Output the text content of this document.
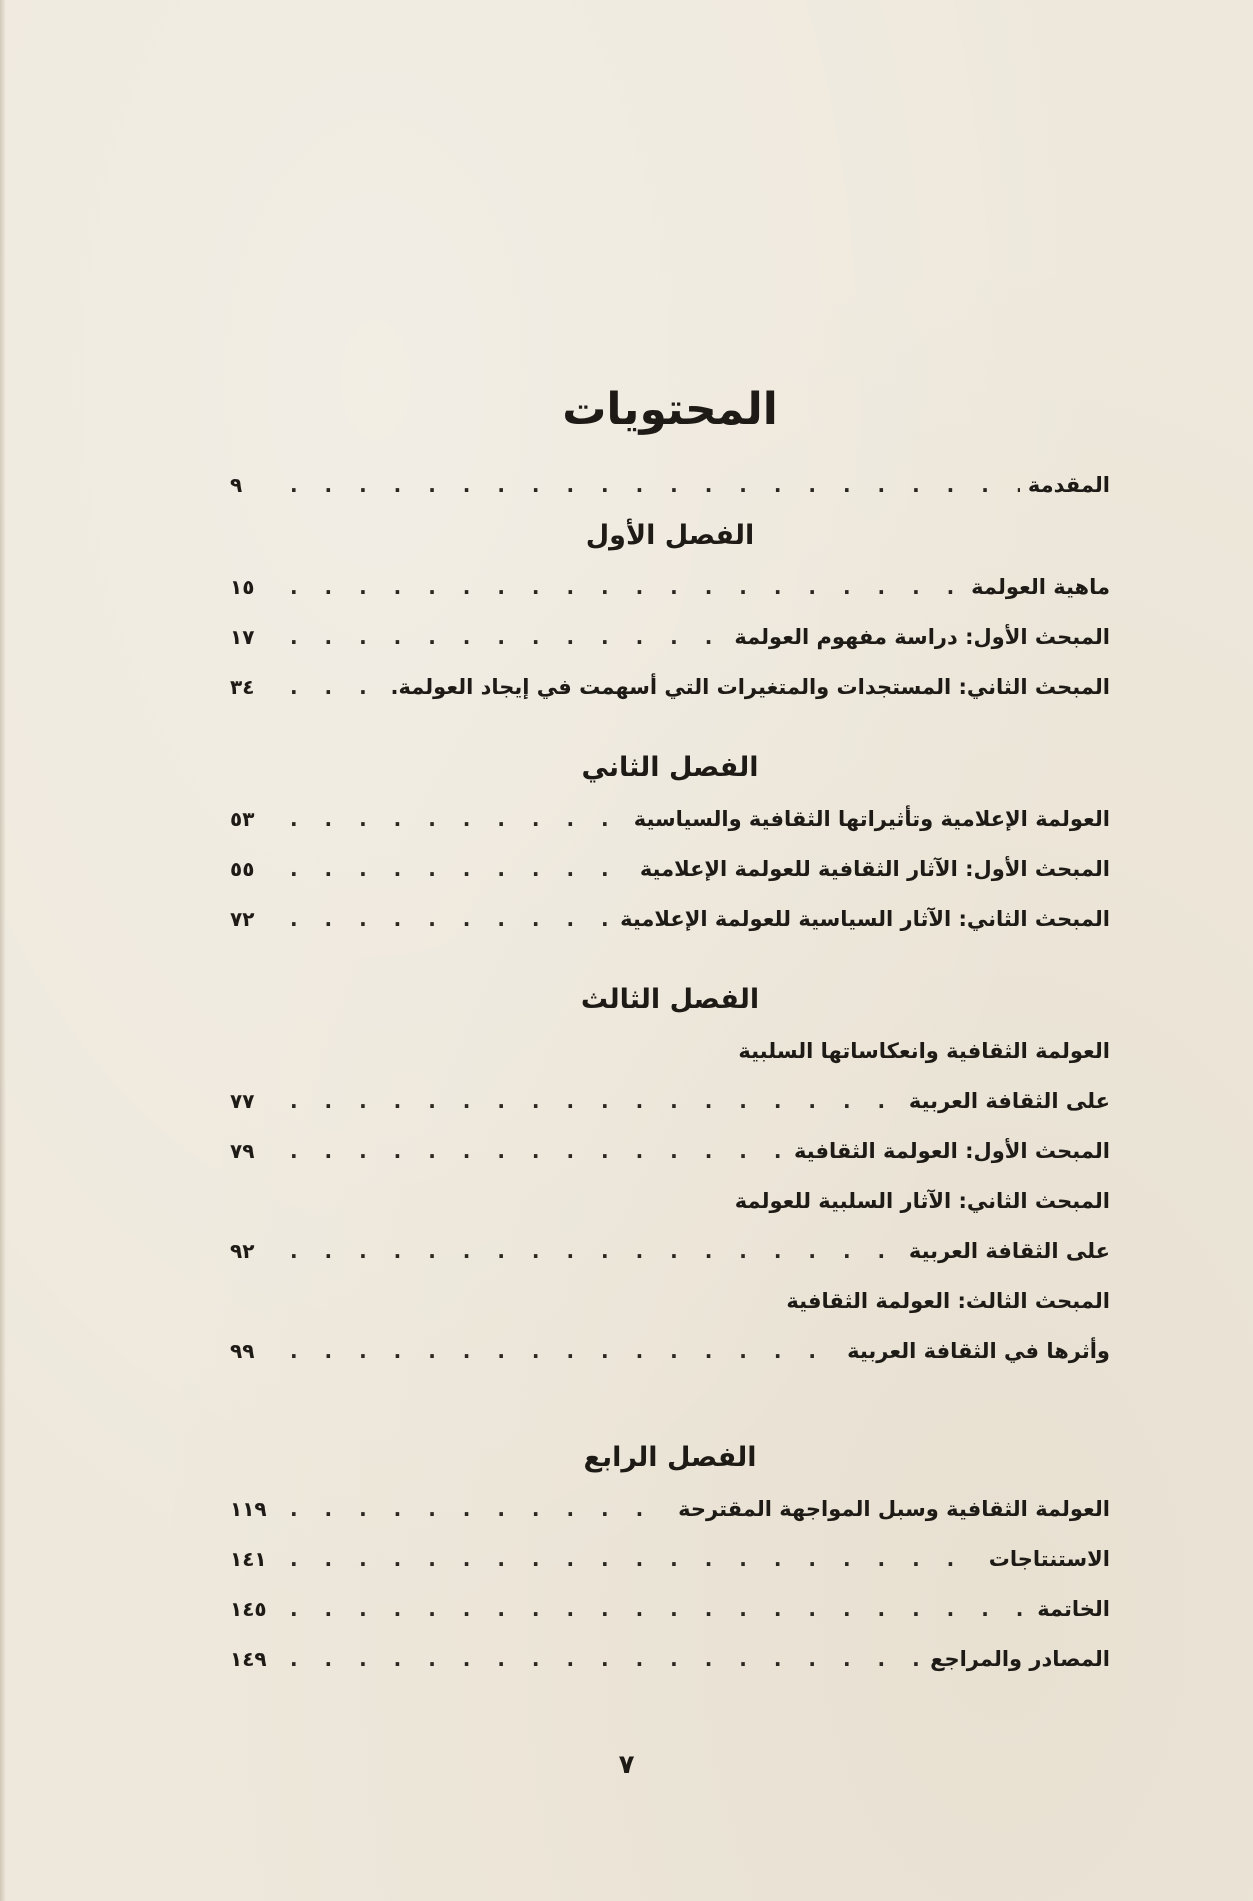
المحتويات
المقدمة
. . .
٩
الفصل الأول
ماهية العولمة
. . .
١٥
المبحث الأول: دراسة مفهوم العولمة
. . .
١٧
المبحث الثاني: المستجدات والمتغيرات التي أسهمت في إيجاد العولمة.
. . .
٣٤
الفصل الثاني
العولمة الإعلامية وتأثيراتها الثقافية والسياسية
. . .
٥٣
المبحث الأول: الآثار الثقافية للعولمة الإعلامية
. . .
٥٥
المبحث الثاني: الآثار السياسية للعولمة الإعلامية
. . .
٧٢
الفصل الثالث
العولمة الثقافية وانعكاساتها السلبية
على الثقافة العربية
. . .
٧٧
المبحث الأول: العولمة الثقافية
. . .
٧٩
المبحث الثاني: الآثار السلبية للعولمة
على الثقافة العربية
. . .
٩٢
المبحث الثالث: العولمة الثقافية
وأثرها في الثقافة العربية
. . .
٩٩
الفصل الرابع
العولمة الثقافية وسبل المواجهة المقترحة
. . .
١١٩
الاستنتاجات
. . .
١٤١
الخاتمة
. . .
١٤٥
المصادر والمراجع
. . .
١٤٩
٧
